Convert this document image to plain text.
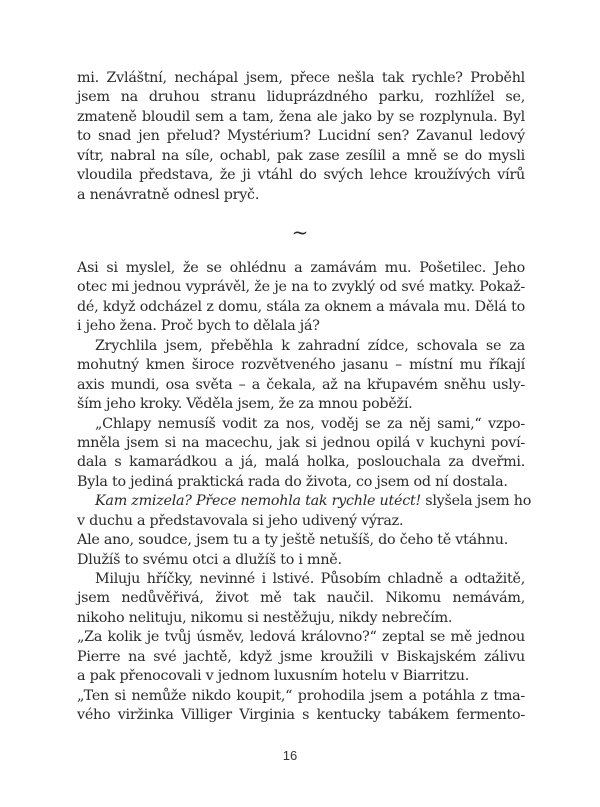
mi. Zvláštní, nechápal jsem, přece nešla tak rychle? Proběhl
jsem na druhou stranu liduprázdného parku, rozhlížel se,
zmateně bloudil sem a tam, žena ale jako by se rozplynula. Byl
to snad jen přelud? Mystérium? Lucidní sen? Zavanul ledový
vítr, nabral na síle, ochabl, pak zase zesílil a mně se do mysli
vloudila představa, že ji vtáhl do svých lehce kroužívých vírů
a nenávratně odnesl pryč.
~
Asi si myslel, že se ohlédnu a zamávám mu. Pošetilec. Jeho
otec mi jednou vyprávěl, že je na to zvyklý od své matky. Pokaž-
dé, když odcházel z domu, stála za oknem a mávala mu. Dělá to
i jeho žena. Proč bych to dělala já?
Zrychlila jsem, přeběhla k zahradní zídce, schovala se za
mohutný kmen široce rozvětveného jasanu – místní mu říkají
axis mundi, osa světa – a čekala, až na křupavém sněhu usly-
ším jeho kroky. Věděla jsem, že za mnou poběží.
„Chlapy nemusíš vodit za nos, voděj se za něj sami,“ vzpo-
mněla jsem si na macechu, jak si jednou opilá v kuchyni poví-
dala s kamarádkou a já, malá holka, poslouchala za dveřmi.
Byla to jediná praktická rada do života, co jsem od ní dostala.
Kam zmizela? Přece nemohla tak rychle utéct! slyšela jsem ho
v duchu a představovala si jeho udivený výraz.
Ale ano, soudce, jsem tu a ty ještě netušíš, do čeho tě vtáhnu.
Dlužíš to svému otci a dlužíš to i mně.
Miluju hříčky, nevinné i lstivé. Působím chladně a odtažitě,
jsem nedůvěřivá, život mě tak naučil. Nikomu nemávám,
nikoho nelituju, nikomu si nestěžuju, nikdy nebrečím.
„Za kolik je tvůj úsměv, ledová královno?“ zeptal se mě jednou
Pierre na své jachtě, když jsme kroužili v Biskajském zálivu
a pak přenocovali v jednom luxusním hotelu v Biarritzu.
„Ten si nemůže nikdo koupit,“ prohodila jsem a potáhla z tma-
vého viržinka Villiger Virginia s kentucky tabákem fermento-
16
